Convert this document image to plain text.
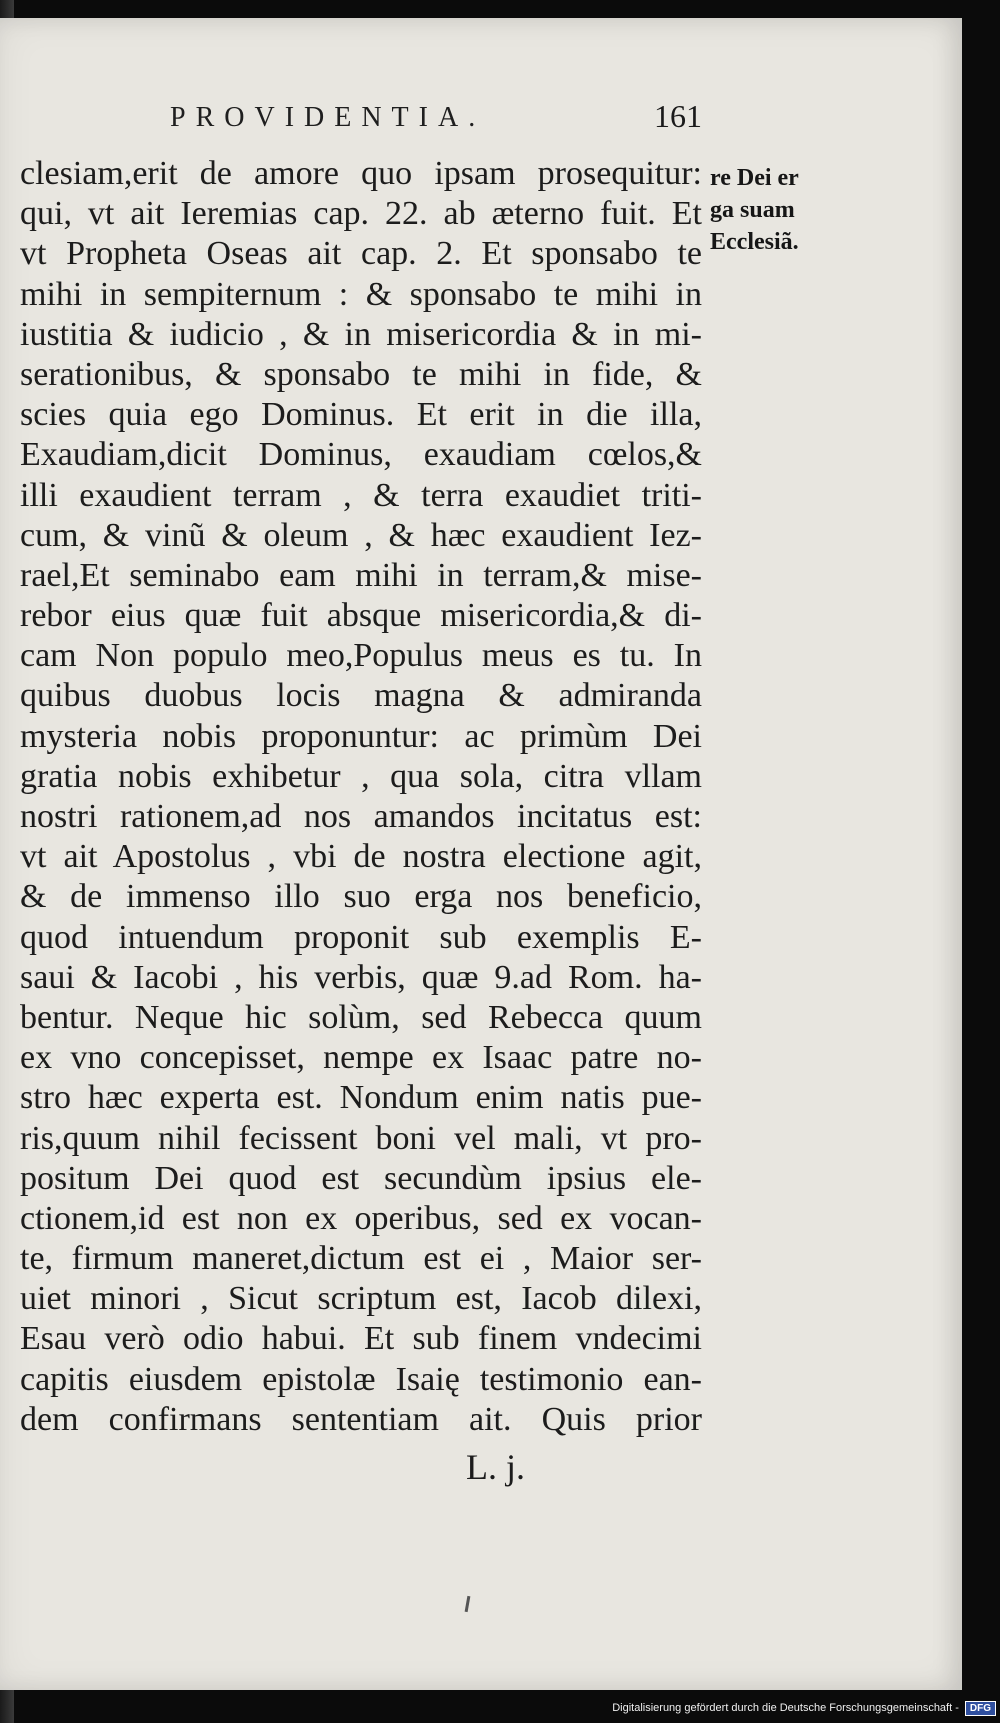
PROVIDENTIA.	161
clesiam,erit de amore quo ipsam prosequitur:
qui, vt ait Ieremias cap. 22. ab æterno fuit. Et
vt Propheta Oseas ait cap. 2. Et sponsabo te
mihi in sempiternum : & sponsabo te mihi in
iustitia & iudicio , & in misericordia & in mi-
serationibus, & sponsabo te mihi in fide, &
scies quia ego Dominus. Et erit in die illa,
Exaudiam,dicit Dominus, exaudiam cœlos,&
illi exaudient terram , & terra exaudiet triti-
cum, & vinũ & oleum , & hæc exaudient Iez-
rael,Et seminabo eam mihi in terram,& mise-
rebor eius quæ fuit absque misericordia,& di-
cam Non populo meo,Populus meus es tu. In
quibus duobus locis magna & admiranda
mysteria nobis proponuntur: ac primùm Dei
gratia nobis exhibetur , qua sola, citra vllam
nostri rationem,ad nos amandos incitatus est:
vt ait Apostolus , vbi de nostra electione agit,
& de immenso illo suo erga nos beneficio,
quod intuendum proponit sub exemplis E-
saui & Iacobi , his verbis, quæ 9.ad Rom. ha-
bentur. Neque hic solùm, sed Rebecca quum
ex vno concepisset, nempe ex Isaac patre no-
stro hæc experta est. Nondum enim natis pue-
ris,quum nihil fecissent boni vel mali, vt pro-
positum Dei quod est secundùm ipsius ele-
ctionem,id est non ex operibus, sed ex vocan-
te, firmum maneret,dictum est ei , Maior ser-
uiet minori , Sicut scriptum est, Iacob dilexi,
Esau verò odio habui. Et sub finem vndecimi
capitis eiusdem epistolæ Isaię testimonio ean-
dem confirmans sententiam ait. Quis prior
re Dei er
ga suam
Ecclesiã.
L. j.
Digitalisierung gefördert durch die Deutsche Forschungsgemeinschaft -	DFG
